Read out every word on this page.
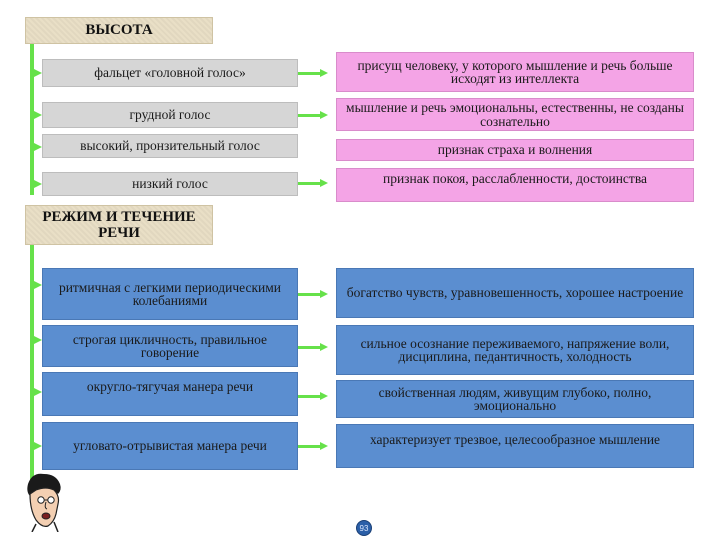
ВЫСОТА
фальцет «головной голос»
грудной голос
высокий, пронзительный голос
низкий голос
присущ человеку, у которого мышление и речь больше исходят из интеллекта
мышление и речь эмоциональны, естественны, не созданы сознательно
признак страха и волнения
признак покоя, расслабленности, достоинства
РЕЖИМ И ТЕЧЕНИЕ РЕЧИ
ритмичная с легкими периодическими колебаниями
строгая цикличность, правильное говорение
округло-тягучая манера речи
угловато-отрывистая манера речи
богатство чувств, уравновешенность, хорошее настроение
сильное осознание переживаемого, напряжение воли, дисциплина, педантичность, холодность
свойственная людям, живущим глубоко, полно, эмоционально
характеризует трезвое, целесообразное мышление
93
